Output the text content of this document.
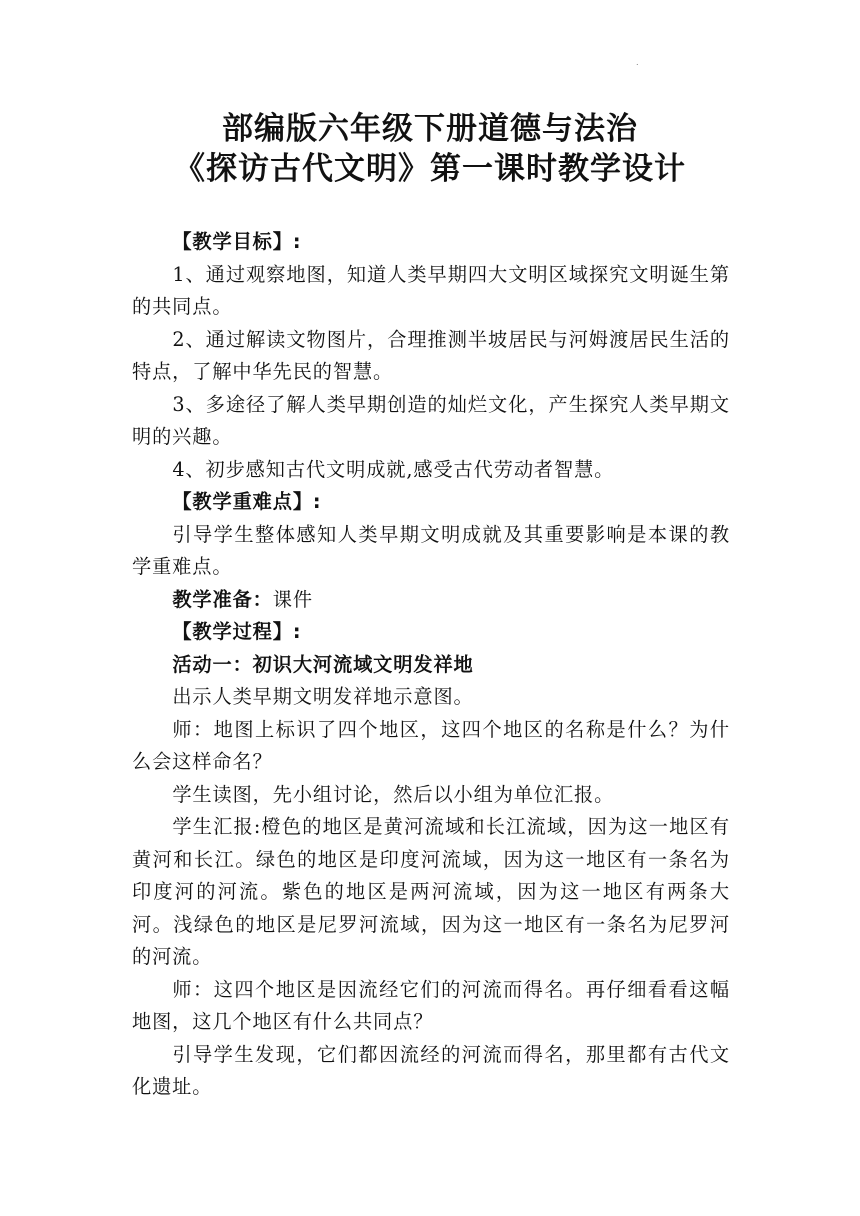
.
部编版六年级下册道德与法治
《探访古代文明》第一课时教学设计

【教学目标】:

1、通过观察地图，知道人类早期四大文明区域探究文明诞生第的共同点。

2、通过解读文物图片，合理推测半坡居民与河姆渡居民生活的特点，了解中华先民的智慧。

3、多途径了解人类早期创造的灿烂文化，产生探究人类早期文明的兴趣。

4、初步感知古代文明成就,感受古代劳动者智慧。

【教学重难点】:

引导学生整体感知人类早期文明成就及其重要影响是本课的教学重难点。

教学准备：课件

【教学过程】:

活动一：初识大河流域文明发祥地

出示人类早期文明发祥地示意图。

师：地图上标识了四个地区，这四个地区的名称是什么？为什么会这样命名？

学生读图，先小组讨论，然后以小组为单位汇报。

学生汇报:橙色的地区是黄河流域和长江流域，因为这一地区有黄河和长江。绿色的地区是印度河流域，因为这一地区有一条名为印度河的河流。紫色的地区是两河流域，因为这一地区有两条大河。浅绿色的地区是尼罗河流域，因为这一地区有一条名为尼罗河的河流。

师：这四个地区是因流经它们的河流而得名。再仔细看看这幅地图，这几个地区有什么共同点？

引导学生发现，它们都因流经的河流而得名，那里都有古代文化遗址。
